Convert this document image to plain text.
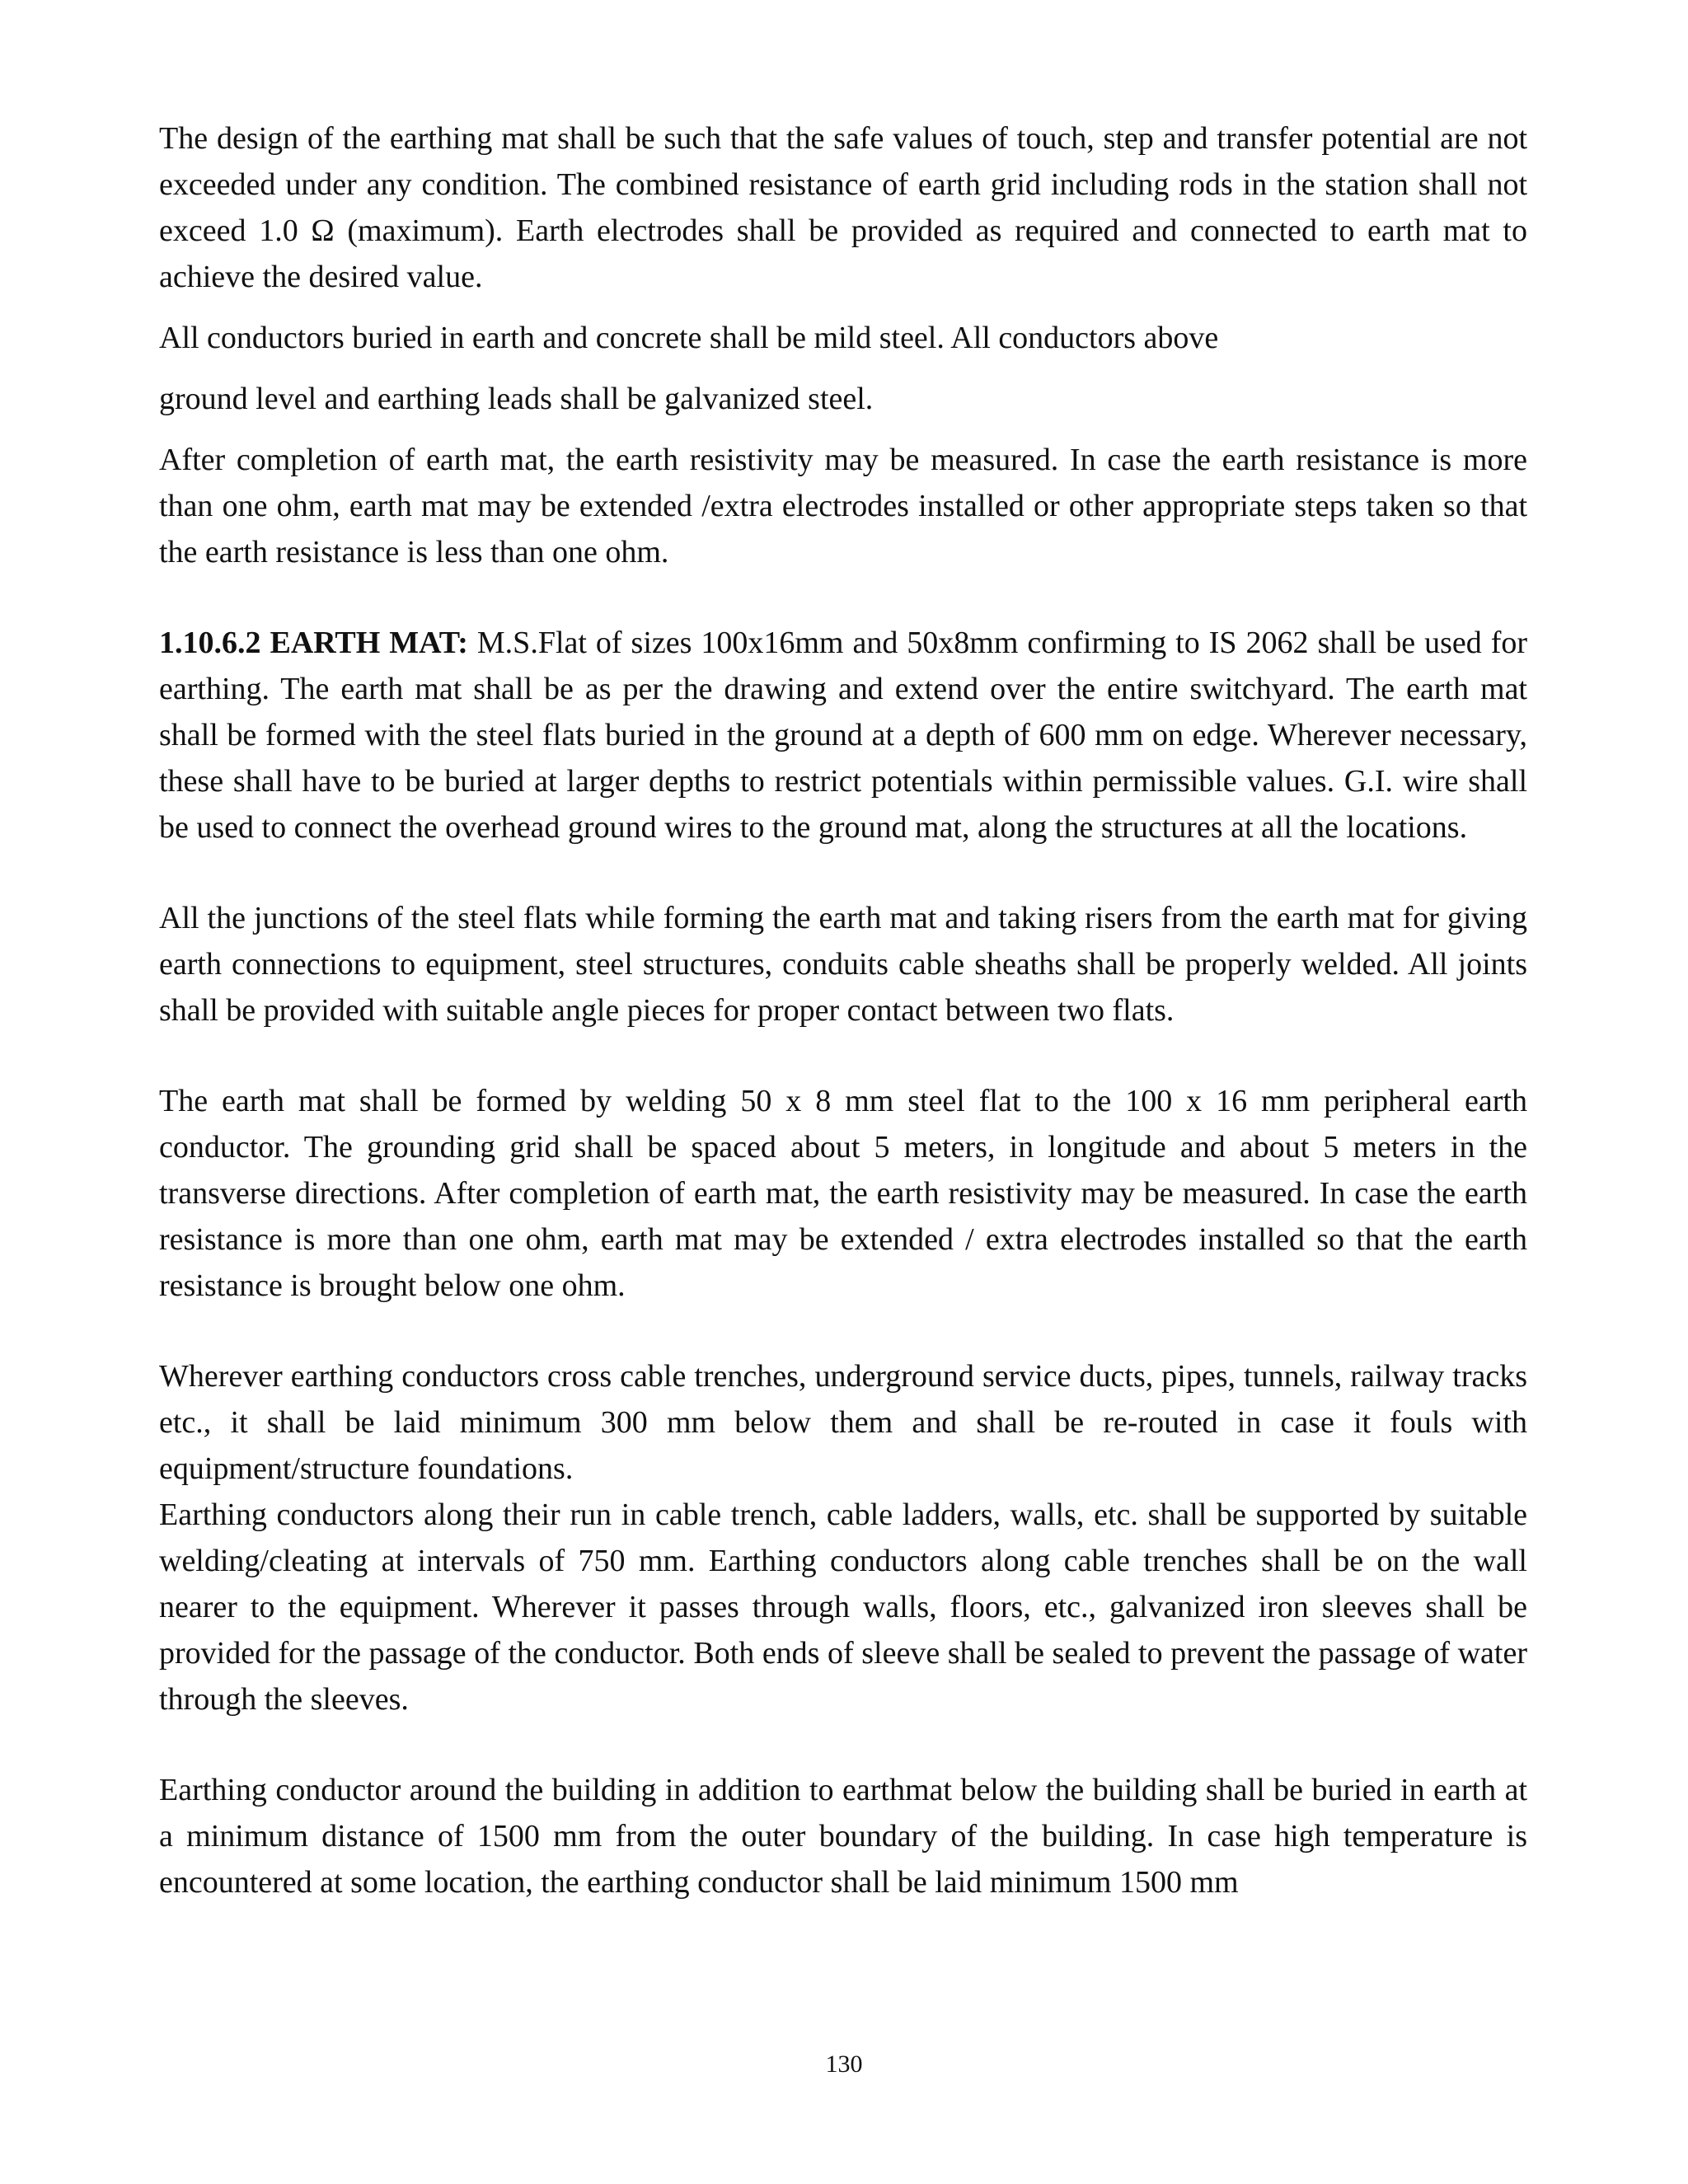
The design of the earthing mat shall be such that the safe values of touch, step and transfer potential are not exceeded under any condition. The combined resistance of earth grid including rods in the station shall not exceed 1.0 Ω (maximum). Earth electrodes shall be provided as required and connected to earth mat to achieve the desired value.

All conductors buried in earth and concrete shall be mild steel. All conductors above

ground level and earthing leads shall be galvanized steel.

After completion of earth mat, the earth resistivity may be measured. In case the earth resistance is more than one ohm, earth mat may be extended /extra electrodes installed or other appropriate steps taken so that the earth resistance is less than one ohm.

1.10.6.2 EARTH MAT: M.S.Flat of sizes 100x16mm and 50x8mm confirming to IS 2062 shall be used for earthing. The earth mat shall be as per the drawing and extend over the entire switchyard. The earth mat shall be formed with the steel flats buried in the ground at a depth of 600 mm on edge. Wherever necessary, these shall have to be buried at larger depths to restrict potentials within permissible values. G.I. wire shall be used to connect the overhead ground wires to the ground mat, along the structures at all the locations.

All the junctions of the steel flats while forming the earth mat and taking risers from the earth mat for giving earth connections to equipment, steel structures, conduits cable sheaths shall be properly welded. All joints shall be provided with suitable angle pieces for proper contact between two flats.

The earth mat shall be formed by welding 50 x 8 mm steel flat to the 100 x 16 mm peripheral earth conductor. The grounding grid shall be spaced about 5 meters, in longitude and about 5 meters in the transverse directions. After completion of earth mat, the earth resistivity may be measured. In case the earth resistance is more than one ohm, earth mat may be extended / extra electrodes installed so that the earth resistance is brought below one ohm.

Wherever earthing conductors cross cable trenches, underground service ducts, pipes, tunnels, railway tracks etc., it shall be laid minimum 300 mm below them and shall be re-routed in case it fouls with equipment/structure foundations.

Earthing conductors along their run in cable trench, cable ladders, walls, etc. shall be supported by suitable welding/cleating at intervals of 750 mm. Earthing conductors along cable trenches shall be on the wall nearer to the equipment. Wherever it passes through walls, floors, etc., galvanized iron sleeves shall be provided for the passage of the conductor. Both ends of sleeve shall be sealed to prevent the passage of water through the sleeves.

Earthing conductor around the building in addition to earthmat below the building shall be buried in earth at a minimum distance of 1500 mm from the outer boundary of the building. In case high temperature is encountered at some location, the earthing conductor shall be laid minimum 1500 mm

130
